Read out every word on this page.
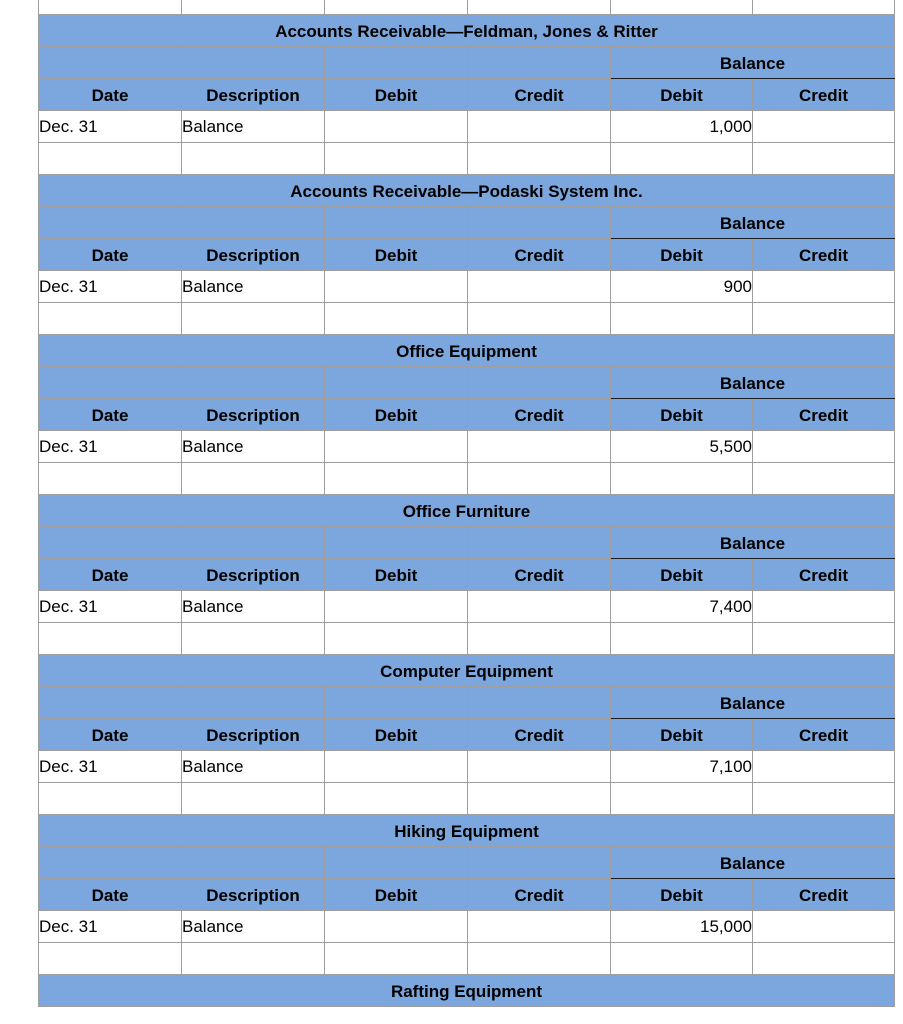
Accounts Receivable—Feldman, Jones & Ritter					
				Balance	
Date	Description	Debit	Credit	Debit	Credit
Dec. 31	Balance			1,000	

Accounts Receivable—Podaski System Inc.					
				Balance	
Date	Description	Debit	Credit	Debit	Credit
Dec. 31	Balance			900	

Office Equipment					
				Balance	
Date	Description	Debit	Credit	Debit	Credit
Dec. 31	Balance			5,500	

Office Furniture					
				Balance	
Date	Description	Debit	Credit	Debit	Credit
Dec. 31	Balance			7,400	

Computer Equipment					
				Balance	
Date	Description	Debit	Credit	Debit	Credit
Dec. 31	Balance			7,100	

Hiking Equipment					
				Balance	
Date	Description	Debit	Credit	Debit	Credit
Dec. 31	Balance			15,000	

Rafting Equipment					
